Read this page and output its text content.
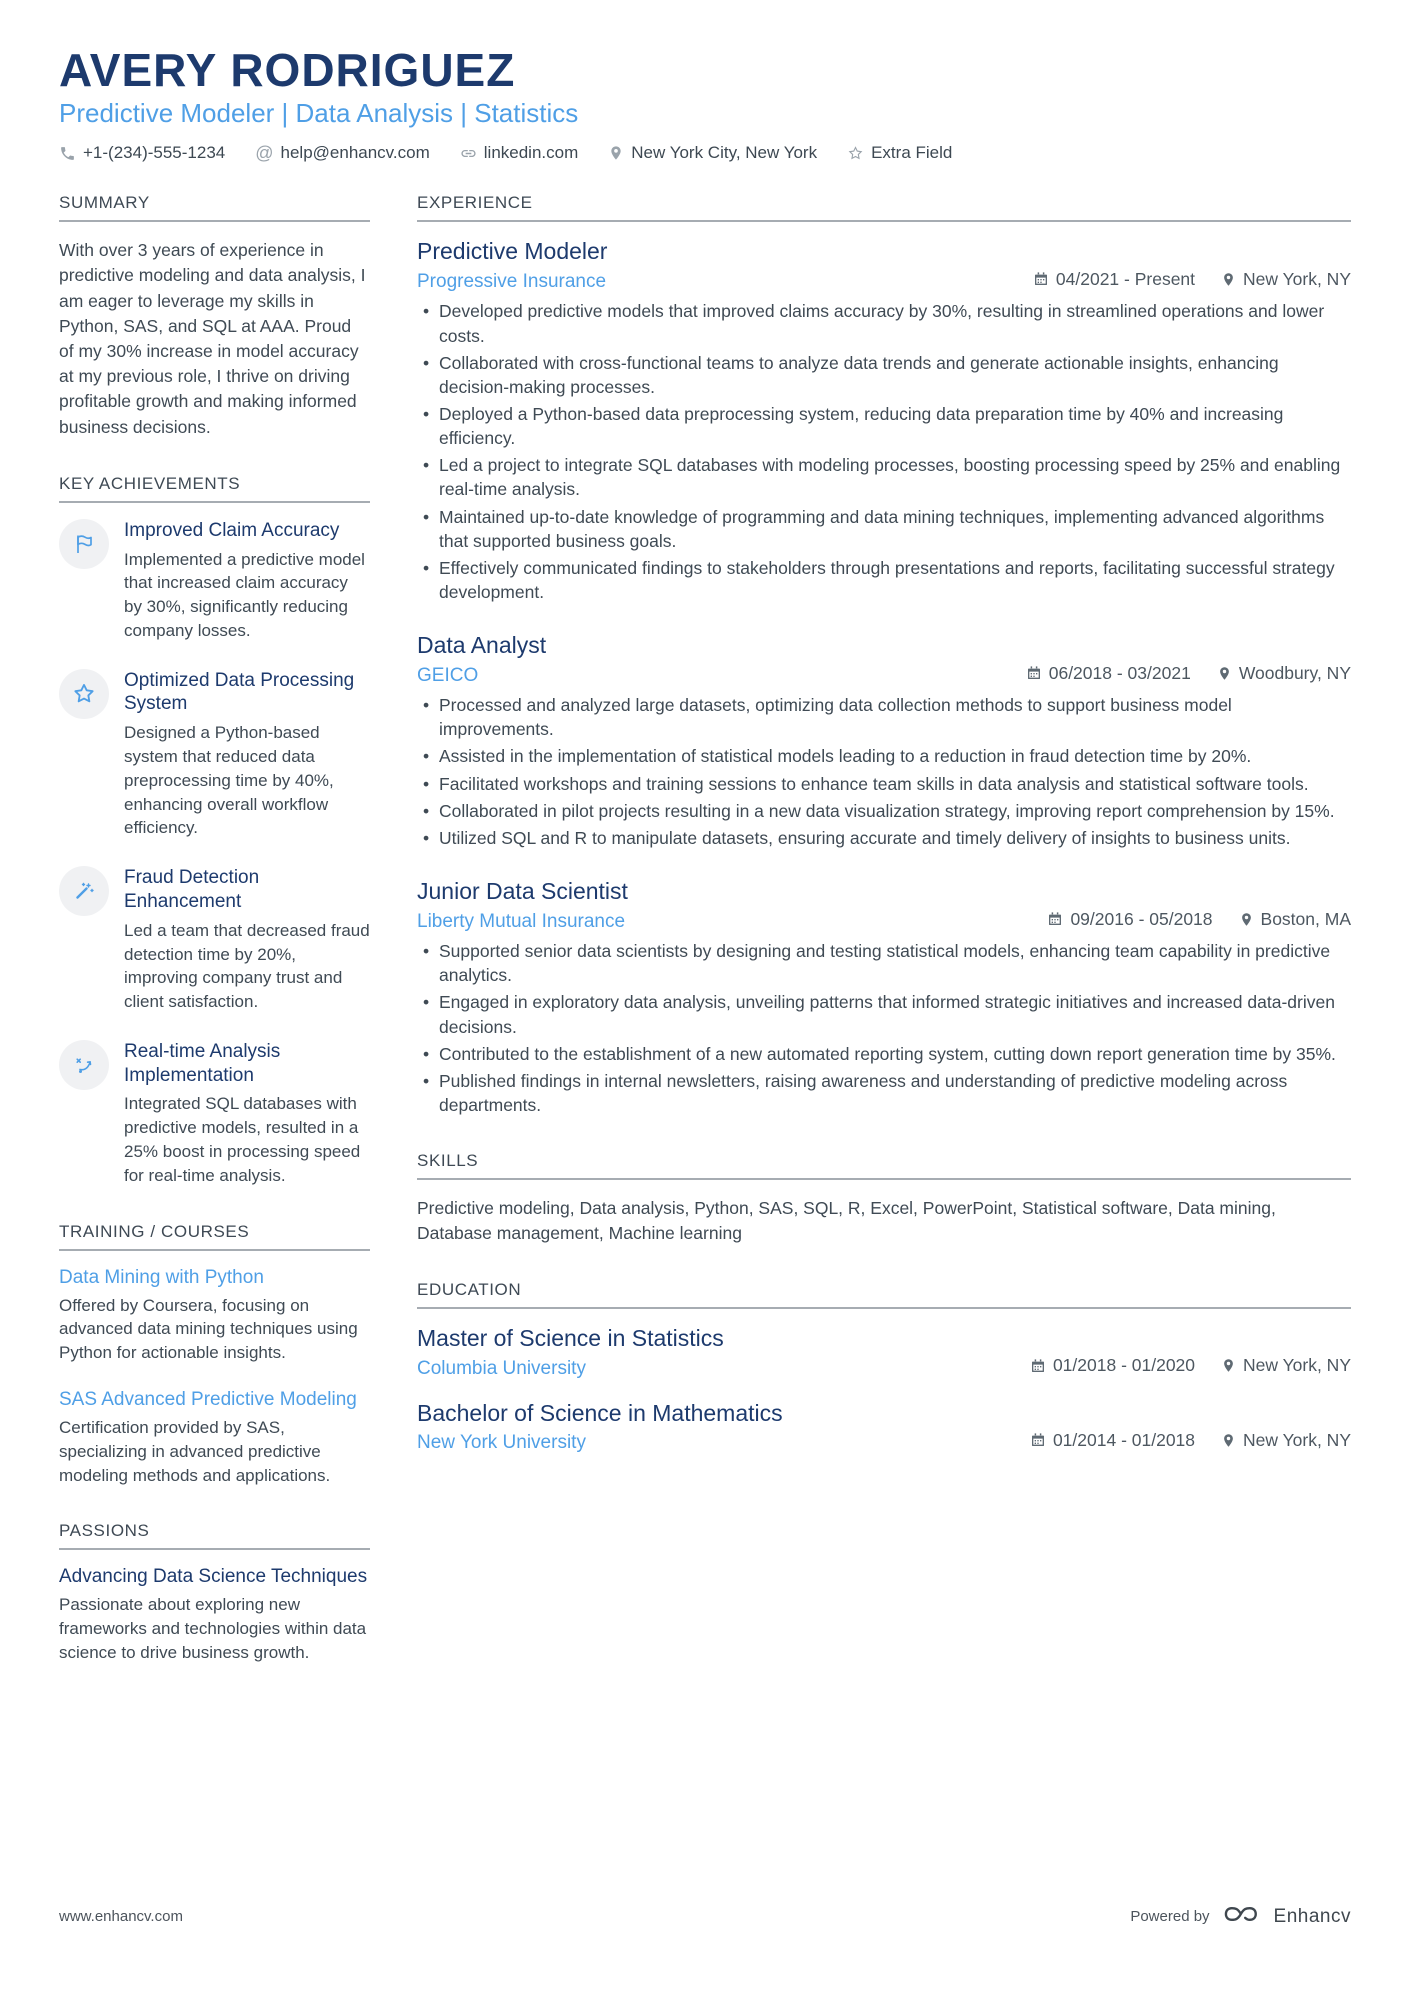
AVERY RODRIGUEZ
Predictive Modeler | Data Analysis | Statistics
+1-(234)-555-1234 @ help@enhancv.com	linkedin.com	New York City, New York	Extra Field
SUMMARY

With over 3 years of experience in predictive modeling and data analysis, I am eager to leverage my skills in Python, SAS, and SQL at AAA. Proud of my 30% increase in model accuracy at my previous role, I thrive on driving profitable growth and making informed business decisions.

KEY ACHIEVEMENTS

Improved Claim Accuracy

Implemented a predictive model that increased claim accuracy by 30%, significantly reducing company losses.

Optimized Data Processing System

Designed a Python-based system that reduced data preprocessing time by 40%, enhancing overall workflow efficiency.

Fraud Detection Enhancement

Led a team that decreased fraud detection time by 20%, improving company trust and client satisfaction.

Real-time Analysis Implementation

Integrated SQL databases with predictive models, resulted in a 25% boost in processing speed for real-time analysis.

TRAINING / COURSES

Data Mining with Python

Offered by Coursera, focusing on advanced data mining techniques using Python for actionable insights.

SAS Advanced Predictive Modeling

Certification provided by SAS, specializing in advanced predictive modeling methods and applications.

PASSIONS

Advancing Data Science Techniques

Passionate about exploring new frameworks and technologies within data science to drive business growth.

EXPERIENCE

Predictive Modeler

Progressive Insurance	04/2021 - Present	New York, NY
• Developed predictive models that improved claims accuracy by 30%, resulting in streamlined operations and lower costs.
• Collaborated with cross-functional teams to analyze data trends and generate actionable insights, enhancing decision-making processes.
• Deployed a Python-based data preprocessing system, reducing data preparation time by 40% and increasing efficiency.
• Led a project to integrate SQL databases with modeling processes, boosting processing speed by 25% and enabling real-time analysis.
• Maintained up-to-date knowledge of programming and data mining techniques, implementing advanced algorithms that supported business goals.
• Effectively communicated findings to stakeholders through presentations and reports, facilitating successful strategy development.

Data Analyst

GEICO	06/2018 - 03/2021	Woodbury, NY
• Processed and analyzed large datasets, optimizing data collection methods to support business model improvements.
• Assisted in the implementation of statistical models leading to a reduction in fraud detection time by 20%.
• Facilitated workshops and training sessions to enhance team skills in data analysis and statistical software tools.
• Collaborated in pilot projects resulting in a new data visualization strategy, improving report comprehension by 15%.
• Utilized SQL and R to manipulate datasets, ensuring accurate and timely delivery of insights to business units.

Junior Data Scientist

Liberty Mutual Insurance	09/2016 - 05/2018	Boston, MA
• Supported senior data scientists by designing and testing statistical models, enhancing team capability in predictive analytics.
• Engaged in exploratory data analysis, unveiling patterns that informed strategic initiatives and increased data-driven decisions.
• Contributed to the establishment of a new automated reporting system, cutting down report generation time by 35%.
• Published findings in internal newsletters, raising awareness and understanding of predictive modeling across departments.
SKILLS

Predictive modeling, Data analysis, Python, SAS, SQL, R, Excel, PowerPoint, Statistical software, Data mining, Database management, Machine learning

EDUCATION

Master of Science in Statistics

Columbia University	01/2018 - 01/2020	New York, NY

Bachelor of Science in Mathematics

New York University	01/2014 - 01/2018	New York, NY
www.enhancv.com	Powered by	Enhancv
